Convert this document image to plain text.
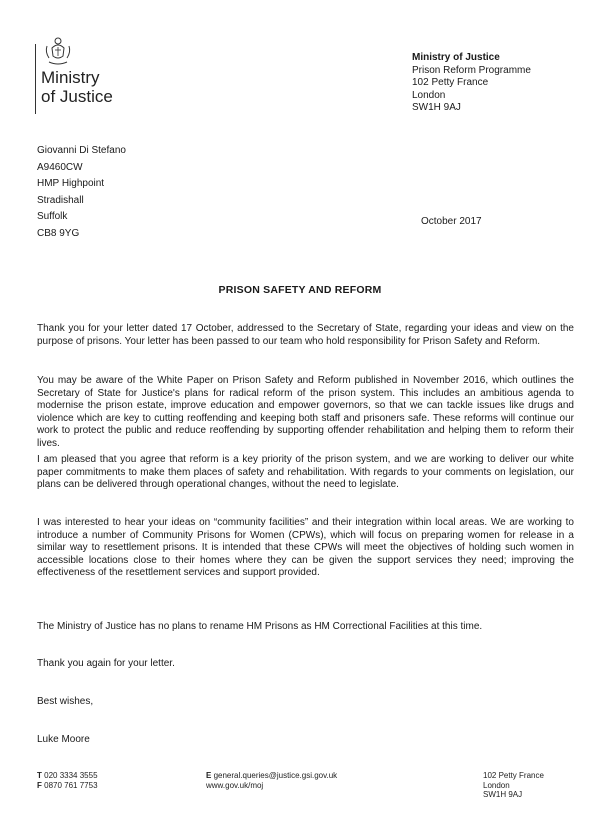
Ministry
of Justice
Ministry of Justice
Prison Reform Programme
102 Petty France
London
SW1H 9AJ
Giovanni Di Stefano
A9460CW
HMP Highpoint
Stradishall
Suffolk
CB8 9YG
October 2017
PRISON SAFETY AND REFORM
Thank you for your letter dated 17 October, addressed to the Secretary of State, regarding your ideas and view on the purpose of prisons. Your letter has been passed to our team who hold responsibility for Prison Safety and Reform.
You may be aware of the White Paper on Prison Safety and Reform published in November 2016, which outlines the Secretary of State for Justice's plans for radical reform of the prison system. This includes an ambitious agenda to modernise the prison estate, improve education and empower governors, so that we can tackle issues like drugs and violence which are key to cutting reoffending and keeping both staff and prisoners safe. These reforms will continue our work to protect the public and reduce reoffending by supporting offender rehabilitation and helping them to reform their lives.
I am pleased that you agree that reform is a key priority of the prison system, and we are working to deliver our white paper commitments to make them places of safety and rehabilitation. With regards to your comments on legislation, our plans can be delivered through operational changes, without the need to legislate.
I was interested to hear your ideas on “community facilities” and their integration within local areas. We are working to introduce a number of Community Prisons for Women (CPWs), which will focus on preparing women for release in a similar way to resettlement prisons. It is intended that these CPWs will meet the objectives of holding such women in accessible locations close to their homes where they can be given the support services they need; improving the effectiveness of the resettlement services and support provided.
The Ministry of Justice has no plans to rename HM Prisons as HM Correctional Facilities at this time.
Thank you again for your letter.
Best wishes,
Luke Moore
T 020 3334 3555
F 0870 761 7753
E general.queries@justice.gsi.gov.uk
www.gov.uk/moj
102 Petty France
London
SW1H 9AJ
